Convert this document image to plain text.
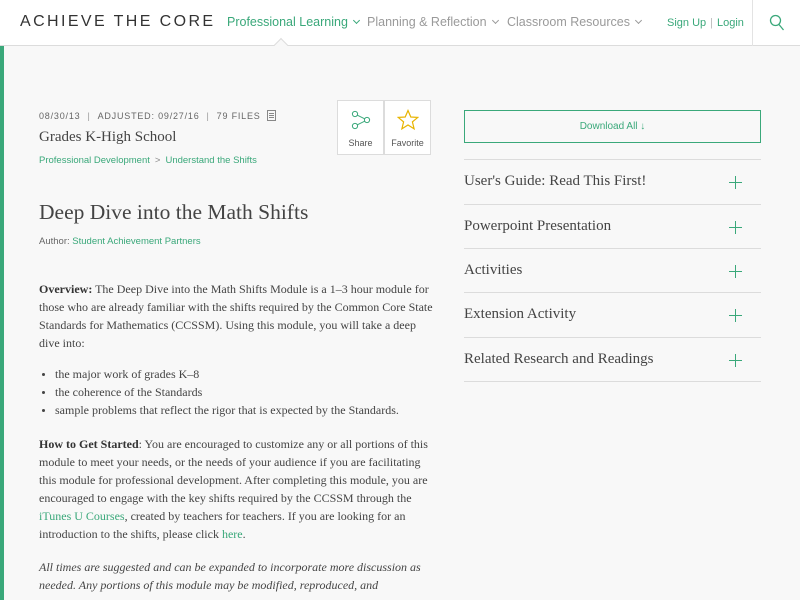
ACHIEVE THE CORE Professional Learning	Planning & Reflection	Classroom Resources	Sign Up | Login
08/30/13 | ADJUSTED: 09/27/16 | 79 FILES
Grades K-High School
Professional Development > Understand the Shifts
Share	Favorite
Deep Dive into the Math Shifts
Author: Student Achievement Partners

Overview: The Deep Dive into the Math Shifts Module is a 1–3 hour module for those who are already familiar with the shifts required by the Common Core State Standards for Mathematics (CCSSM). Using this module, you will take a deep dive into:

the major work of grades K–8
the coherence of the Standards
sample problems that reflect the rigor that is expected by the Standards.

How to Get Started: You are encouraged to customize any or all portions of this module to meet your needs, or the needs of your audience if you are facilitating this module for professional development. After completing this module, you are encouraged to engage with the key shifts required by the CCSSM through the iTunes U Courses, created by teachers for teachers. If you are looking for an introduction to the shifts, please click here.

All times are suggested and can be expanded to incorporate more discussion as needed. Any portions of this module may be modified, reproduced, and

Download All ↓
User's Guide: Read This First!
Powerpoint Presentation
Activities
Extension Activity
Related Research and Readings
